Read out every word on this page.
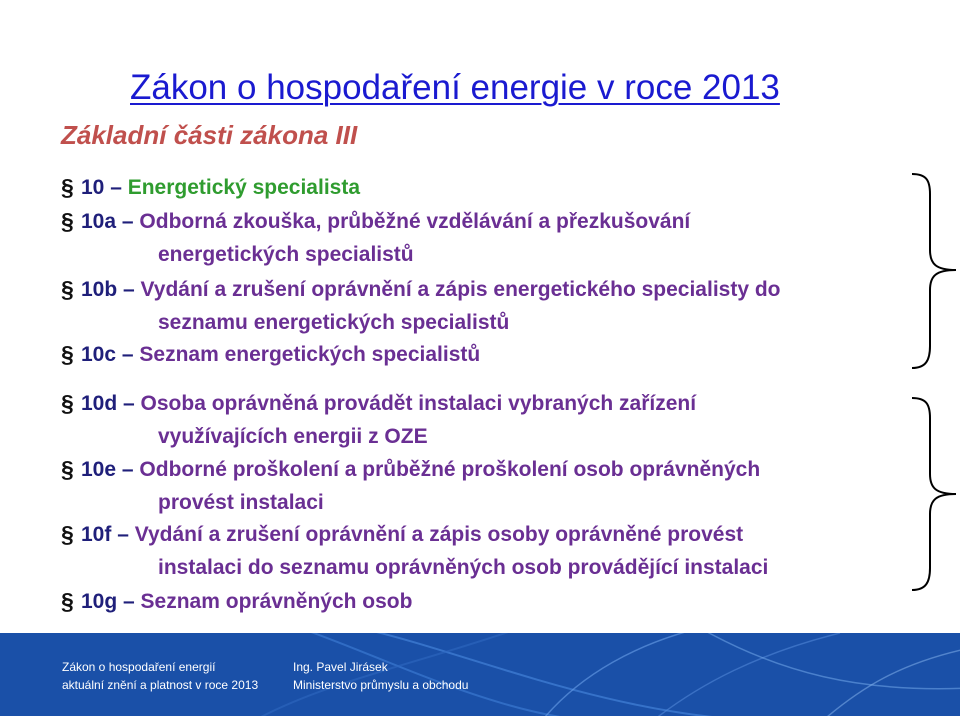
Zákon o hospodaření energie v roce 2013
Základní části zákona III
§ 10 – Energetický specialista
§ 10a – Odborná zkouška, průběžné vzdělávání a přezkušování
energetických specialistů
§ 10b – Vydání a zrušení oprávnění a zápis energetického specialisty do
seznamu energetických specialistů
§ 10c – Seznam energetických specialistů
§ 10d – Osoba oprávněná provádět instalaci vybraných zařízení
využívajících energii z OZE
§ 10e – Odborné proškolení a průběžné proškolení osob oprávněných
provést instalaci
§ 10f – Vydání a zrušení oprávnění a zápis osoby oprávněné provést
instalaci do seznamu oprávněných osob provádějící instalaci
§ 10g – Seznam oprávněných osob
Zákon o hospodaření energií
aktuální znění a platnost v roce 2013
Ing. Pavel Jirásek
Ministerstvo průmyslu a obchodu
